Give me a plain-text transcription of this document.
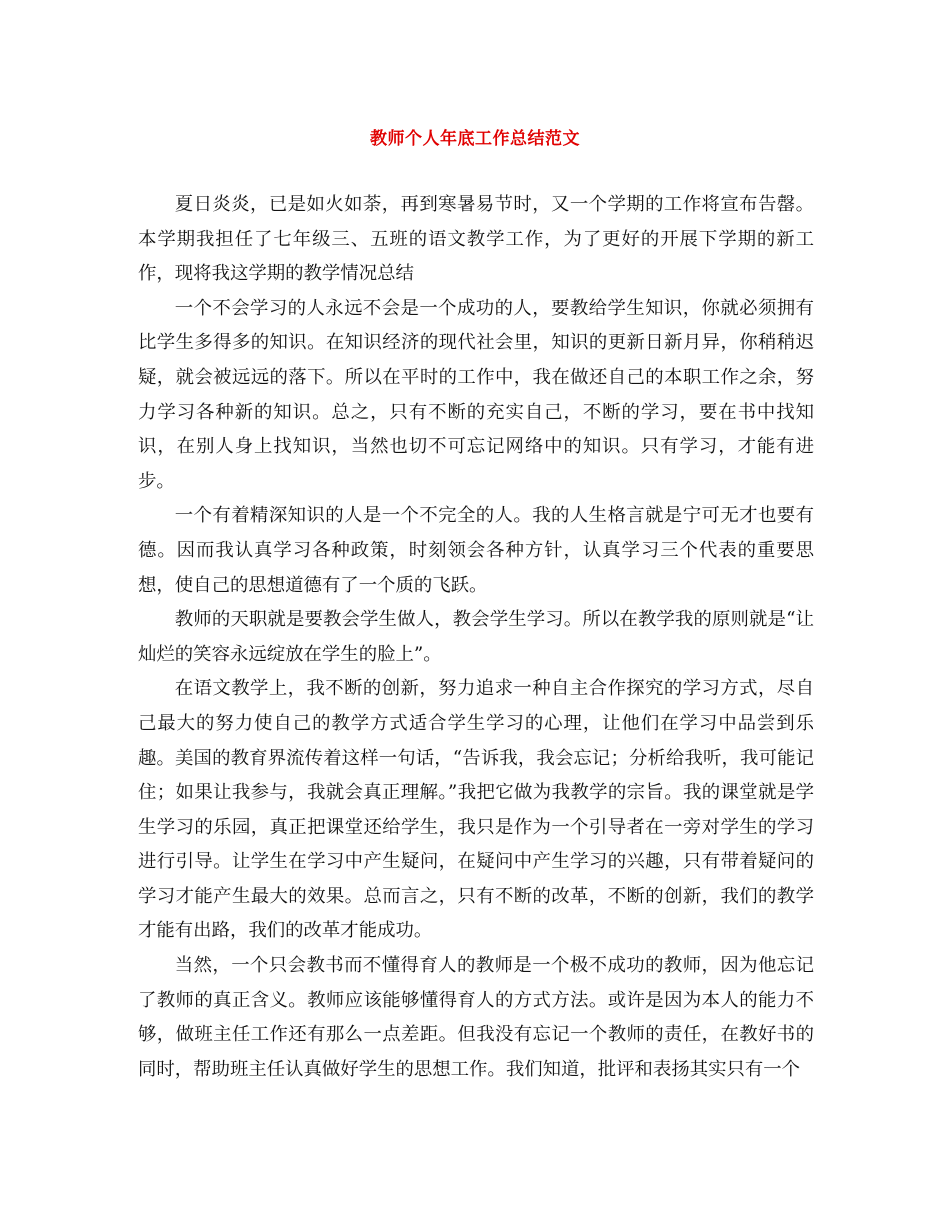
教师个人年底工作总结范文

夏日炎炎，已是如火如荼，再到寒暑易节时，又一个学期的工作将宣布告罄。本学期我担任了七年级三、五班的语文教学工作，为了更好的开展下学期的新工作，现将我这学期的教学情况总结

一个不会学习的人永远不会是一个成功的人，要教给学生知识，你就必须拥有比学生多得多的知识。在知识经济的现代社会里，知识的更新日新月异，你稍稍迟疑，就会被远远的落下。所以在平时的工作中，我在做还自己的本职工作之余，努力学习各种新的知识。总之，只有不断的充实自己，不断的学习，要在书中找知识，在别人身上找知识，当然也切不可忘记网络中的知识。只有学习，才能有进步。

一个有着精深知识的人是一个不完全的人。我的人生格言就是宁可无才也要有德。因而我认真学习各种政策，时刻领会各种方针，认真学习三个代表的重要思想，使自己的思想道德有了一个质的飞跃。

教师的天职就是要教会学生做人，教会学生学习。所以在教学我的原则就是“让灿烂的笑容永远绽放在学生的脸上”。

在语文教学上，我不断的创新，努力追求一种自主合作探究的学习方式，尽自己最大的努力使自己的教学方式适合学生学习的心理，让他们在学习中品尝到乐趣。美国的教育界流传着这样一句话，“告诉我，我会忘记；分析给我听，我可能记住；如果让我参与，我就会真正理解。”我把它做为我教学的宗旨。我的课堂就是学生学习的乐园，真正把课堂还给学生，我只是作为一个引导者在一旁对学生的学习进行引导。让学生在学习中产生疑问，在疑问中产生学习的兴趣，只有带着疑问的学习才能产生最大的效果。总而言之，只有不断的改革，不断的创新，我们的教学才能有出路，我们的改革才能成功。

当然，一个只会教书而不懂得育人的教师是一个极不成功的教师，因为他忘记了教师的真正含义。教师应该能够懂得育人的方式方法。或许是因为本人的能力不够，做班主任工作还有那么一点差距。但我没有忘记一个教师的责任，在教好书的同时，帮助班主任认真做好学生的思想工作。我们知道，批评和表扬其实只有一个
